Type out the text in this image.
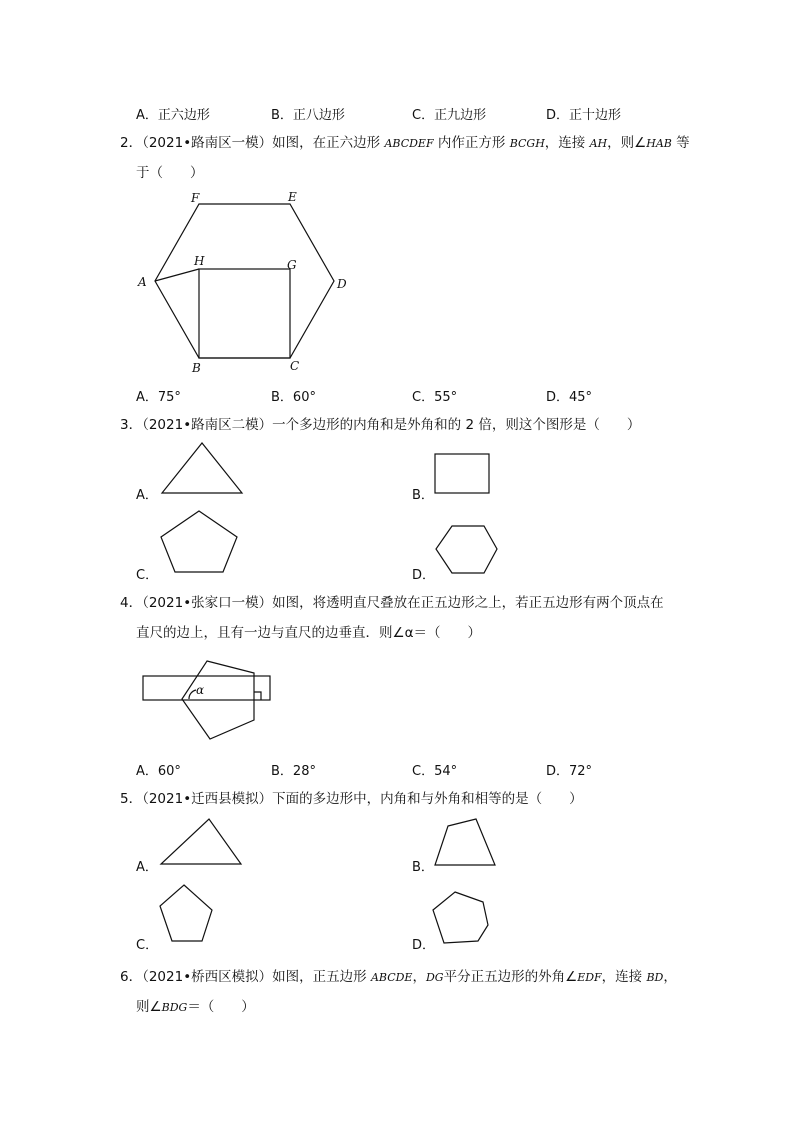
A．正六边形	B．正八边形	C．正九边形	D．正十边形
2．（2021•路南区一模）如图，在正六边形 ABCDEF 内作正方形 BCGH，连接 AH，则∠HAB 等
于（　　）
F	E
H	G
A	D
B	C
A．75°	B．60°	C．55°	D．45°
3．（2021•路南区二模）一个多边形的内角和是外角和的 2 倍，则这个图形是（　　）
A．	B．
C．	D．
4．（2021•张家口一模）如图，将透明直尺叠放在正五边形之上，若正五边形有两个顶点在
直尺的边上，且有一边与直尺的边垂直．则∠α＝（　　）
α
A．60°	B．28°	C．54°	D．72°
5．（2021•迁西县模拟）下面的多边形中，内角和与外角和相等的是（　　）
A．	B．
C．	D．
6．（2021•桥西区模拟）如图，正五边形 ABCDE，DG平分正五边形的外角∠EDF，连接 BD，
则∠BDG＝（　　）
